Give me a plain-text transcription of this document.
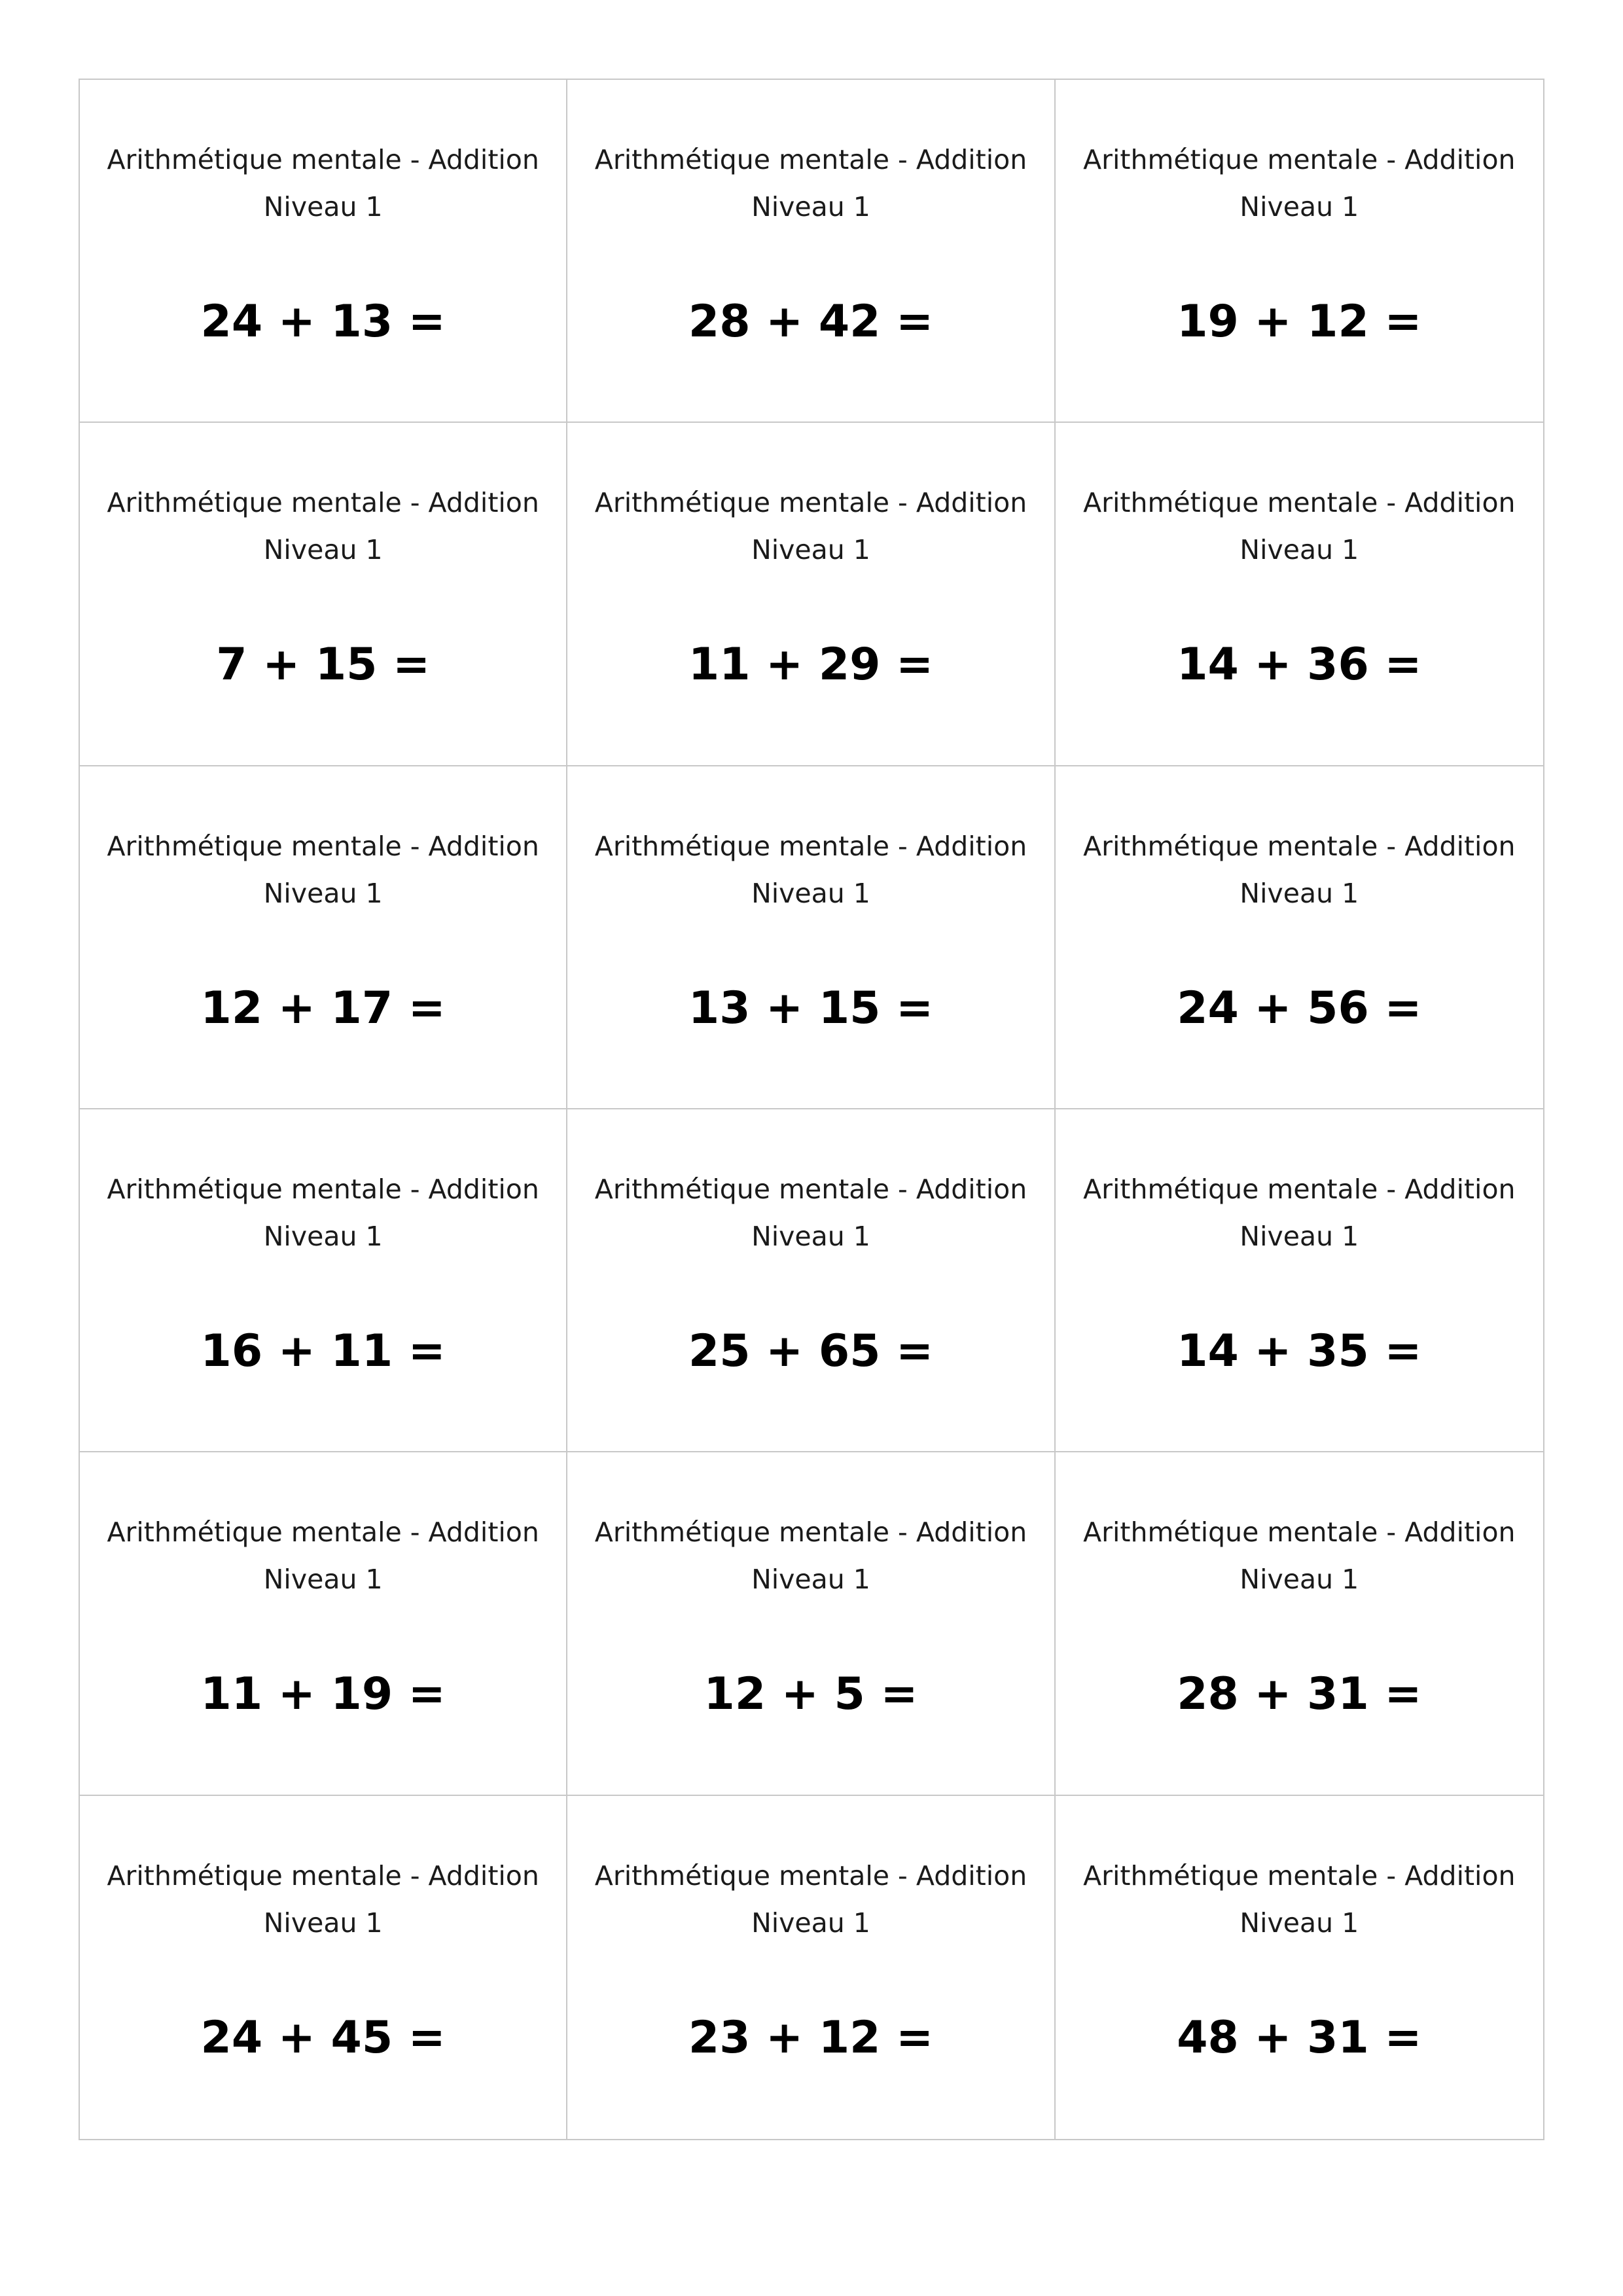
Arithmétique mentale - Addition
Niveau 1
24 + 13 =
Arithmétique mentale - Addition
Niveau 1
28 + 42 =
Arithmétique mentale - Addition
Niveau 1
19 + 12 =
Arithmétique mentale - Addition
Niveau 1
7 + 15 =
Arithmétique mentale - Addition
Niveau 1
11 + 29 =
Arithmétique mentale - Addition
Niveau 1
14 + 36 =
Arithmétique mentale - Addition
Niveau 1
12 + 17 =
Arithmétique mentale - Addition
Niveau 1
13 + 15 =
Arithmétique mentale - Addition
Niveau 1
24 + 56 =
Arithmétique mentale - Addition
Niveau 1
16 + 11 =
Arithmétique mentale - Addition
Niveau 1
25 + 65 =
Arithmétique mentale - Addition
Niveau 1
14 + 35 =
Arithmétique mentale - Addition
Niveau 1
11 + 19 =
Arithmétique mentale - Addition
Niveau 1
12 + 5 =
Arithmétique mentale - Addition
Niveau 1
28 + 31 =
Arithmétique mentale - Addition
Niveau 1
24 + 45 =
Arithmétique mentale - Addition
Niveau 1
23 + 12 =
Arithmétique mentale - Addition
Niveau 1
48 + 31 =
